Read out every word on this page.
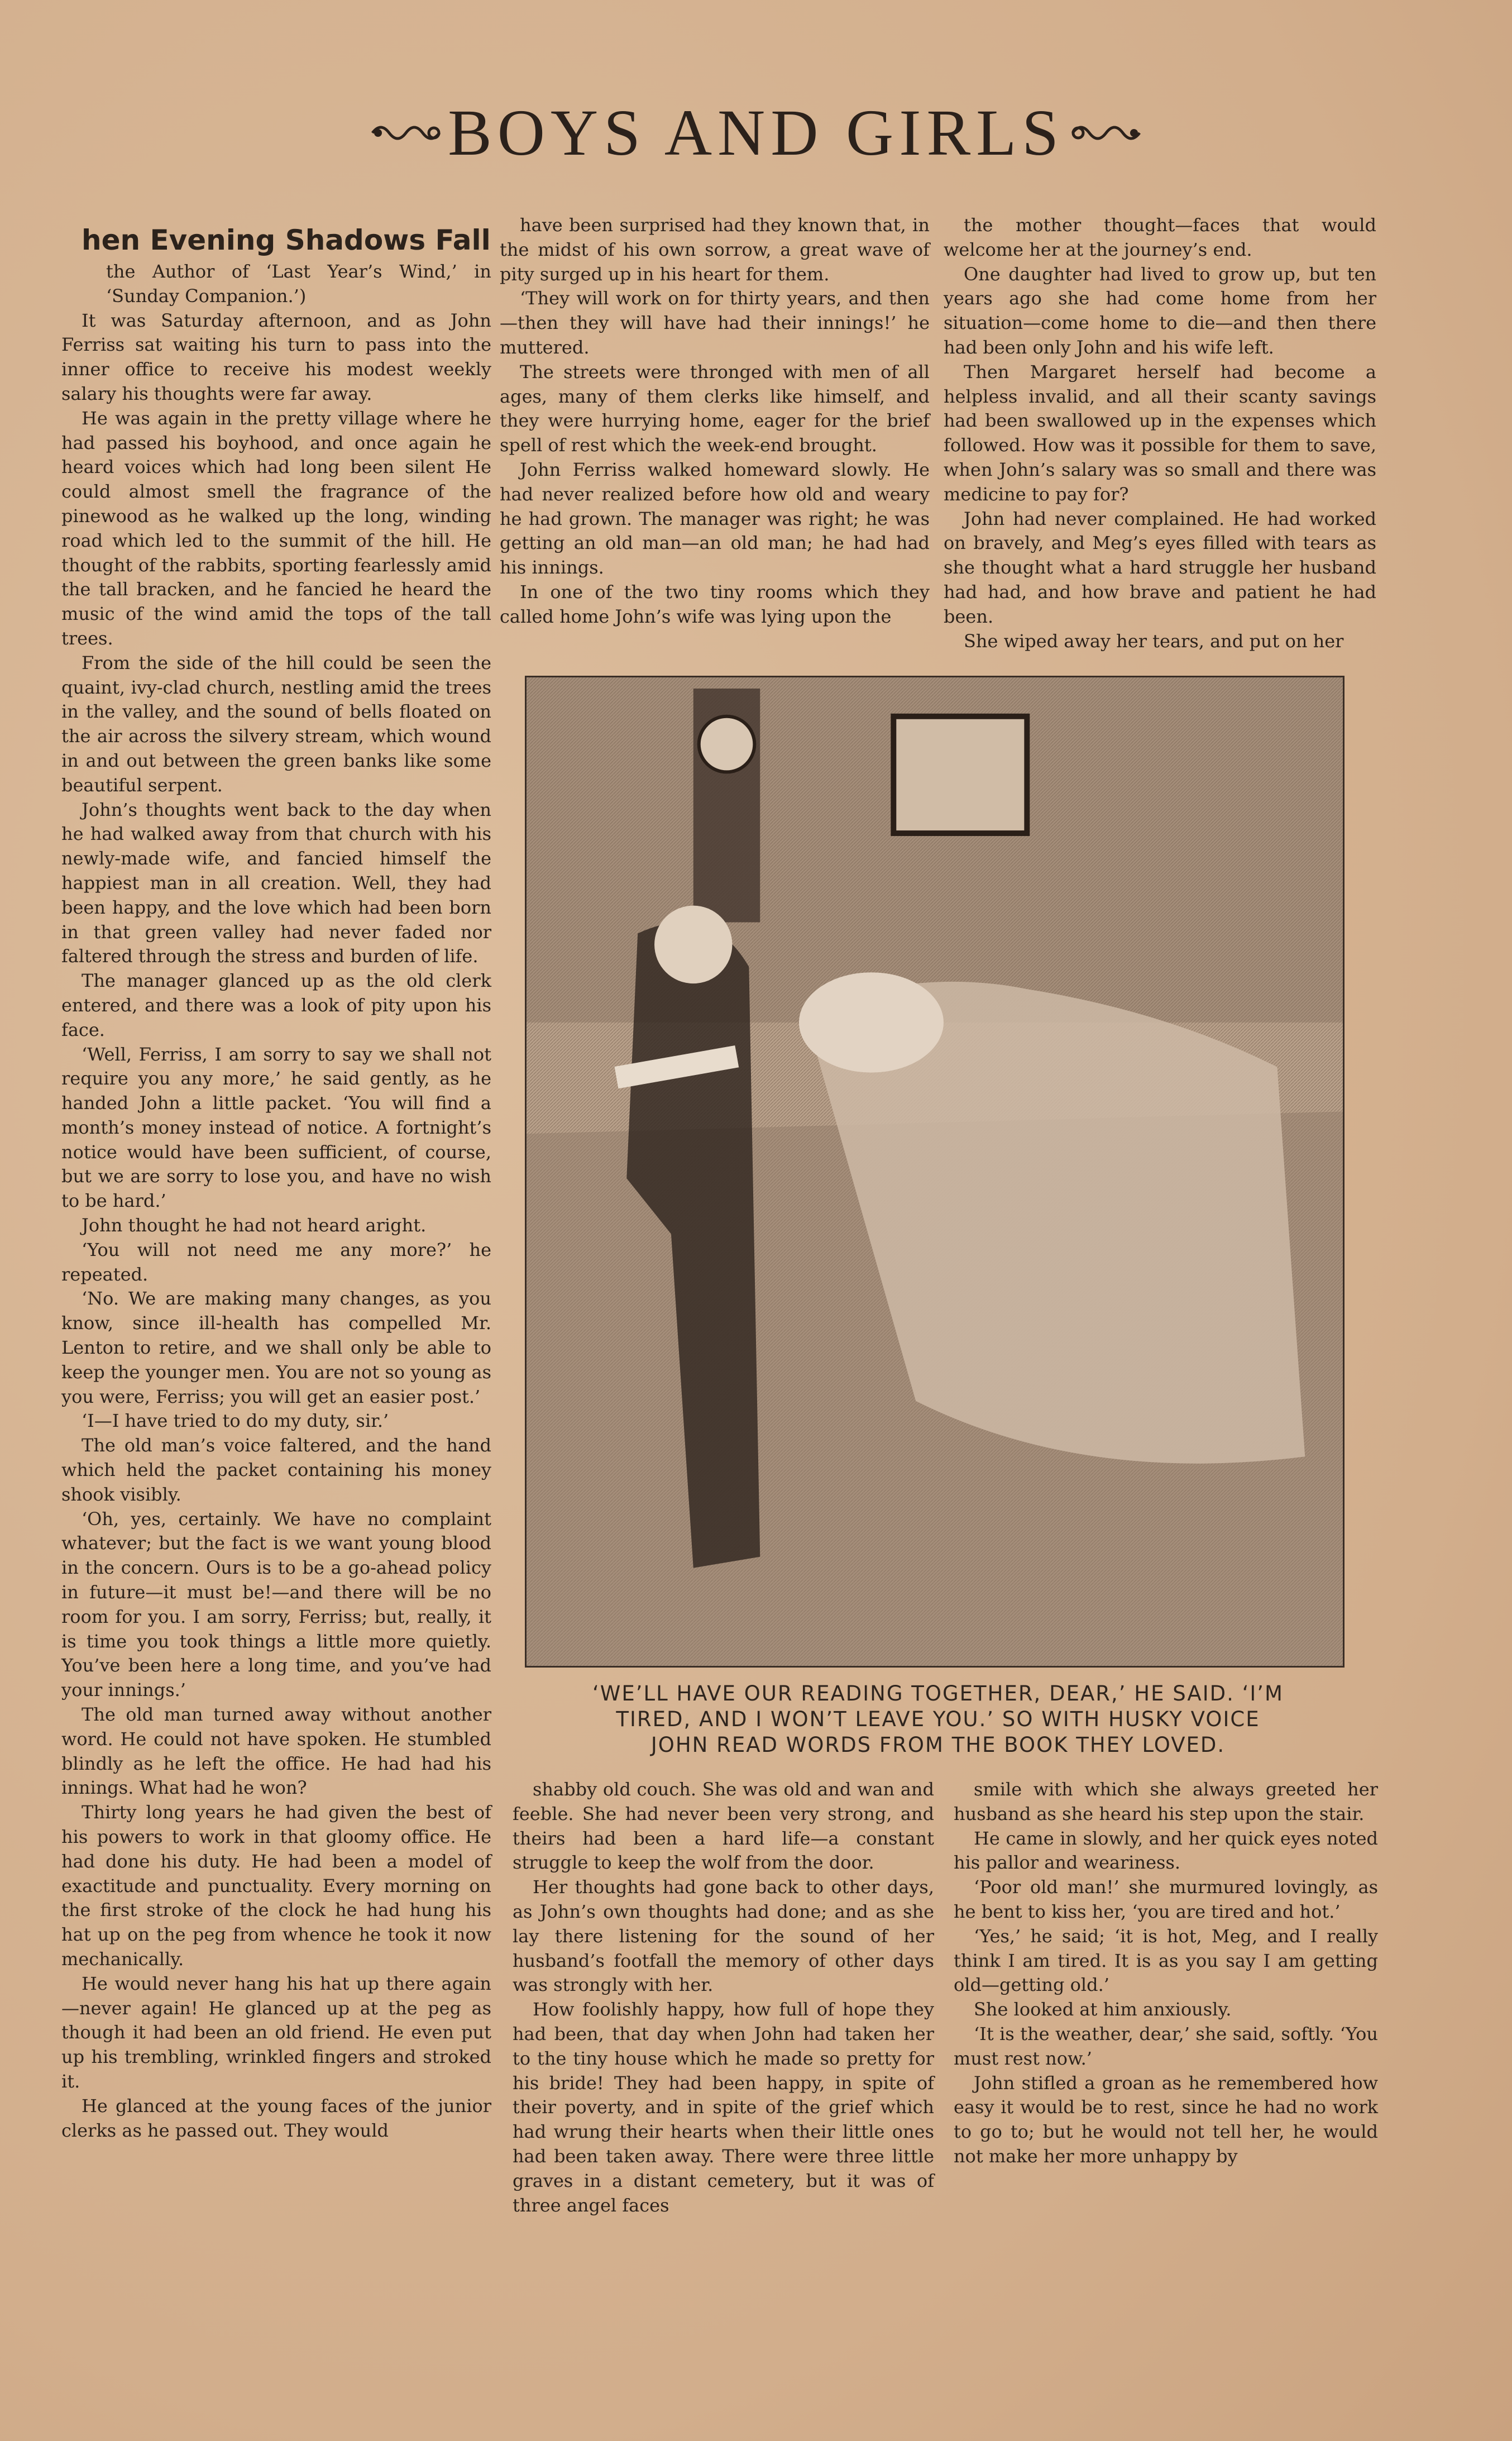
BOYS AND GIRLS

hen Evening Shadows Fall

the Author of ‘Last Year’s Wind,’ in ‘Sunday Companion.’)

It was Saturday afternoon, and as John Ferriss sat waiting his turn to pass into the inner office to receive his modest weekly salary his thoughts were far away.

He was again in the pretty village where he had passed his boyhood, and once again he heard voices which had long been silent He could almost smell the fragrance of the pinewood as he walked up the long, winding road which led to the summit of the hill. He thought of the rabbits, sporting fearlessly amid the tall bracken, and he fancied he heard the music of the wind amid the tops of the tall trees.

From the side of the hill could be seen the quaint, ivy-clad church, nestling amid the trees in the valley, and the sound of bells floated on the air across the silvery stream, which wound in and out between the green banks like some beautiful serpent.

John’s thoughts went back to the day when he had walked away from that church with his newly-made wife, and fancied himself the happiest man in all creation. Well, they had been happy, and the love which had been born in that green valley had never faded nor faltered through the stress and burden of life.

The manager glanced up as the old clerk entered, and there was a look of pity upon his face.

‘Well, Ferriss, I am sorry to say we shall not require you any more,’ he said gently, as he handed John a little packet. ‘You will find a month’s money instead of notice. A fortnight’s notice would have been sufficient, of course, but we are sorry to lose you, and have no wish to be hard.’

John thought he had not heard aright.

‘You will not need me any more?’ he repeated.

‘No. We are making many changes, as you know, since ill-health has compelled Mr. Lenton to retire, and we shall only be able to keep the younger men. You are not so young as you were, Ferriss; you will get an easier post.’

‘I—I have tried to do my duty, sir.’

The old man’s voice faltered, and the hand which held the packet containing his money shook visibly.

‘Oh, yes, certainly. We have no complaint whatever; but the fact is we want young blood in the concern. Ours is to be a go-ahead policy in future—it must be!—and there will be no room for you. I am sorry, Ferriss; but, really, it is time you took things a little more quietly. You’ve been here a long time, and you’ve had your innings.’

The old man turned away without another word. He could not have spoken. He stumbled blindly as he left the office. He had had his innings. What had he won?

Thirty long years he had given the best of his powers to work in that gloomy office. He had done his duty. He had been a model of exactitude and punctuality. Every morning on the first stroke of the clock he had hung his hat up on the peg from whence he took it now mechanically.

He would never hang his hat up there again—never again! He glanced up at the peg as though it had been an old friend. He even put up his trembling, wrinkled fingers and stroked it.

He glanced at the young faces of the junior clerks as he passed out. They would

have been surprised had they known that, in the midst of his own sorrow, a great wave of pity surged up in his heart for them.

‘They will work on for thirty years, and then—then they will have had their innings!’ he muttered.

The streets were thronged with men of all ages, many of them clerks like himself, and they were hurrying home, eager for the brief spell of rest which the week-end brought.

John Ferriss walked homeward slowly. He had never realized before how old and weary he had grown. The manager was right; he was getting an old man—an old man; he had had his innings.

In one of the two tiny rooms which they called home John’s wife was lying upon the

the mother thought—faces that would welcome her at the journey’s end.

One daughter had lived to grow up, but ten years ago she had come home from her situation—come home to die—and then there had been only John and his wife left.

Then Margaret herself had become a helpless invalid, and all their scanty savings had been swallowed up in the expenses which followed. How was it possible for them to save, when John’s salary was so small and there was medicine to pay for?

John had never complained. He had worked on bravely, and Meg’s eyes filled with tears as she thought what a hard struggle her husband had had, and how brave and patient he had been.

She wiped away her tears, and put on her

‘WE’LL HAVE OUR READING TOGETHER, DEAR,’ HE SAID. ‘I’M
TIRED, AND I WON’T LEAVE YOU.’ SO WITH HUSKY VOICE
JOHN READ WORDS FROM THE BOOK THEY LOVED.

shabby old couch. She was old and wan and feeble. She had never been very strong, and theirs had been a hard life—a constant struggle to keep the wolf from the door.

Her thoughts had gone back to other days, as John’s own thoughts had done; and as she lay there listening for the sound of her husband’s footfall the memory of other days was strongly with her.

How foolishly happy, how full of hope they had been, that day when John had taken her to the tiny house which he made so pretty for his bride! They had been happy, in spite of their poverty, and in spite of the grief which had wrung their hearts when their little ones had been taken away. There were three little graves in a distant cemetery, but it was of three angel faces

smile with which she always greeted her husband as she heard his step upon the stair.

He came in slowly, and her quick eyes noted his pallor and weariness.

‘Poor old man!’ she murmured lovingly, as he bent to kiss her, ‘you are tired and hot.’

‘Yes,’ he said; ‘it is hot, Meg, and I really think I am tired. It is as you say I am getting old—getting old.’

She looked at him anxiously.

‘It is the weather, dear,’ she said, softly. ‘You must rest now.’

John stifled a groan as he remembered how easy it would be to rest, since he had no work to go to; but he would not tell her, he would not make her more unhappy by
